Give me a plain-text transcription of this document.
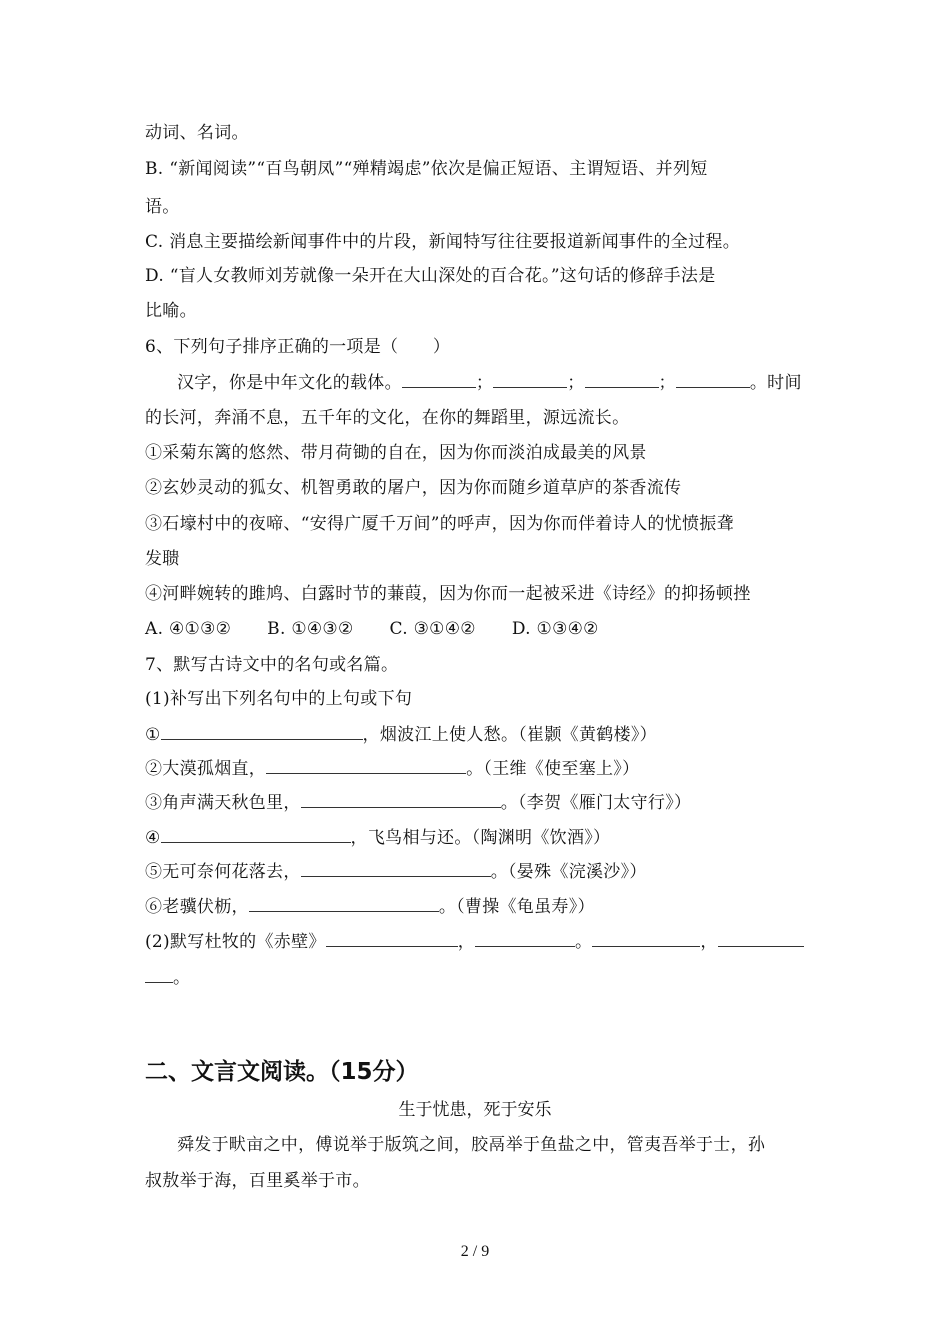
动词、名词。
B. “新闻阅读”“百鸟朝凤”“殚精竭虑”依次是偏正短语、主谓短语、并列短
语。
C. 消息主要描绘新闻事件中的片段，新闻特写往往要报道新闻事件的全过程。
D. “盲人女教师刘芳就像一朵开在大山深处的百合花。”这句话的修辞手法是
比喻。
6、下列句子排序正确的一项是（　　）
汉字，你是中年文化的载体。	；	；	；	。时间
的长河，奔涌不息，五千年的文化，在你的舞蹈里，源远流长。
①采菊东篱的悠然、带月荷锄的自在，因为你而淡泊成最美的风景
②玄妙灵动的狐女、机智勇敢的屠户，因为你而随乡道草庐的茶香流传
③石壕村中的夜啼、“安得广厦千万间”的呼声，因为你而伴着诗人的忧愤振聋
发聩
④河畔婉转的雎鸠、白露时节的蒹葭，因为你而一起被采进《诗经》的抑扬顿挫
A. ④①③② B. ①④③② C. ③①④② D. ①③④②
7、默写古诗文中的名句或名篇。
(1)补写出下列名句中的上句或下句
①	，烟波江上使人愁。（崔颢《黄鹤楼》）
②大漠孤烟直，	。（王维《使至塞上》）
③角声满天秋色里，	。（李贺《雁门太守行》）
④	，飞鸟相与还。（陶渊明《饮酒》）
⑤无可奈何花落去，	。（晏殊《浣溪沙》）
⑥老骥伏枥，	。（曹操《龟虽寿》）
(2)默写杜牧的《赤壁》	，	。	，
。
二、文言文阅读。（15分）
生于忧患，死于安乐
舜发于畎亩之中，傅说举于版筑之间，胶鬲举于鱼盐之中，管夷吾举于士，孙
叔敖举于海，百里奚举于市。
2 / 9
